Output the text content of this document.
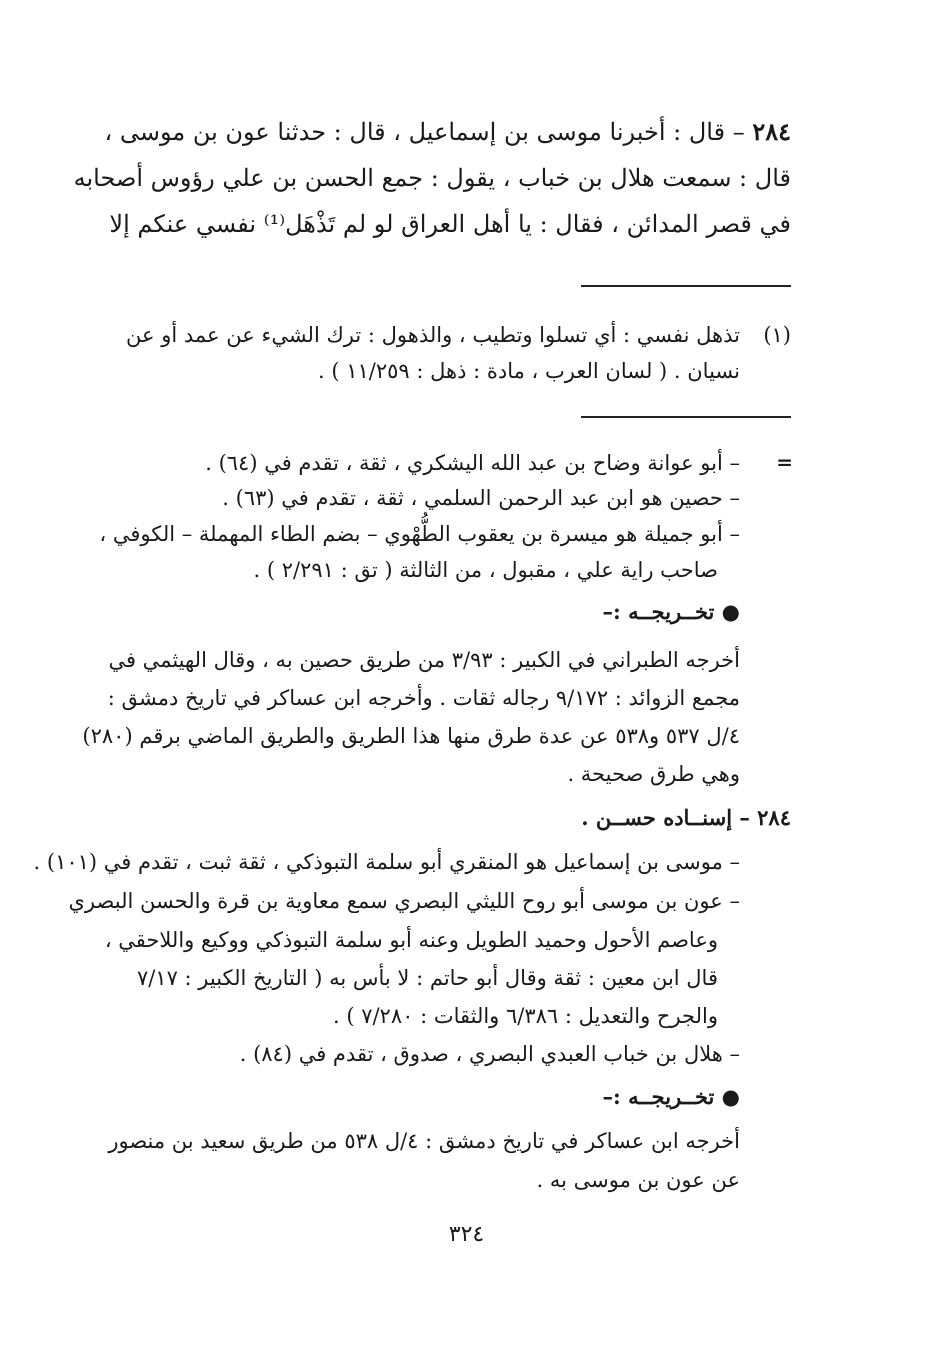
٢٨٤ – قال : أخبرنا موسى بن إسماعيل ، قال : حدثنا عون بن موسى ،
قال : سمعت هلال بن خباب ، يقول : جمع الحسن بن علي رؤوس أصحابه
في قصر المدائن ، فقال : يا أهل العراق لو لم تَذْهَل⁽¹⁾ نفسي عنكم إلا
(١)
تذهل نفسي : أي تسلوا وتطيب ، والذهول : ترك الشيء عن عمد أو عن
نسيان . ( لسان العرب ، مادة : ذهل : ١١/٢٥٩ ) .
=
– أبو عوانة وضاح بن عبد الله اليشكري ، ثقة ، تقدم في (٦٤) .
– حصين هو ابن عبد الرحمن السلمي ، ثقة ، تقدم في (٦٣) .
– أبو جميلة هو ميسرة بن يعقوب الطُّهْوي – بضم الطاء المهملة – الكوفي ،
صاحب راية علي ، مقبول ، من الثالثة ( تق : ٢/٢٩١ ) .
● تخــريجــه :–
أخرجه الطبراني في الكبير : ٣/٩٣ من طريق حصين به ، وقال الهيثمي في
مجمع الزوائد : ٩/١٧٢ رجاله ثقات . وأخرجه ابن عساكر في تاريخ دمشق :
٤/ل ٥٣٧ و٥٣٨ عن عدة طرق منها هذا الطريق والطريق الماضي برقم (٢٨٠)
وهي طرق صحيحة .
٢٨٤ – إسنــاده حســن .
– موسى بن إسماعيل هو المنقري أبو سلمة التبوذكي ، ثقة ثبت ، تقدم في (١٠١) .
– عون بن موسى أبو روح الليثي البصري سمع معاوية بن قرة والحسن البصري
وعاصم الأحول وحميد الطويل وعنه أبو سلمة التبوذكي ووكيع واللاحقي ،
قال ابن معين : ثقة وقال أبو حاتم : لا بأس به ( التاريخ الكبير : ٧/١٧
والجرح والتعديل : ٦/٣٨٦ والثقات : ٧/٢٨٠ ) .
– هلال بن خباب العبدي البصري ، صدوق ، تقدم في (٨٤) .
● تخــريجــه :–
أخرجه ابن عساكر في تاريخ دمشق : ٤/ل ٥٣٨ من طريق سعيد بن منصور
عن عون بن موسى به .
٣٢٤
